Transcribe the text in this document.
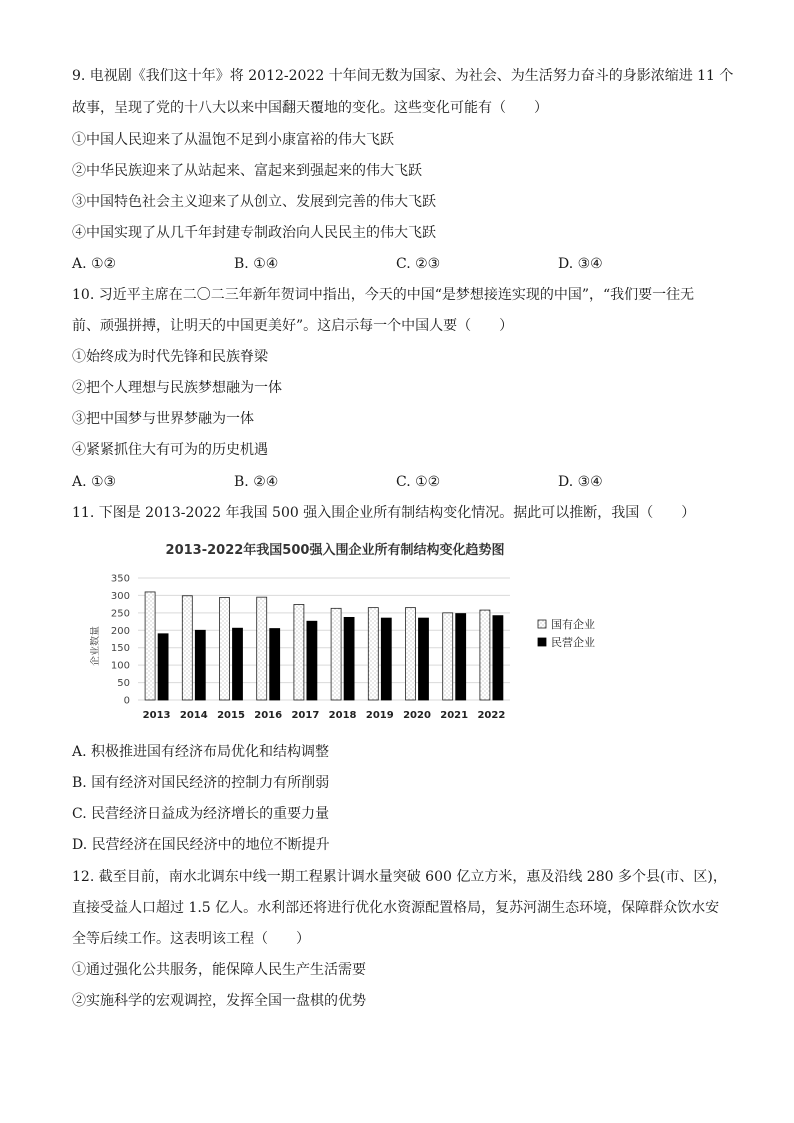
9. 电视剧《我们这十年》将 2012-2022 十年间无数为国家、为社会、为生活努力奋斗的身影浓缩进 11 个
故事，呈现了党的十八大以来中国翻天覆地的变化。这些变化可能有（　　）
①中国人民迎来了从温饱不足到小康富裕的伟大飞跃
②中华民族迎来了从站起来、富起来到强起来的伟大飞跃
③中国特色社会主义迎来了从创立、发展到完善的伟大飞跃
④中国实现了从几千年封建专制政治向人民民主的伟大飞跃
A. ①②	B. ①④	C. ②③	D. ③④
10. 习近平主席在二〇二三年新年贺词中指出，今天的中国“是梦想接连实现的中国”，“我们要一往无
前、顽强拼搏，让明天的中国更美好”。这启示每一个中国人要（　　）
①始终成为时代先锋和民族脊梁
②把个人理想与民族梦想融为一体
③把中国梦与世界梦融为一体
④紧紧抓住大有可为的历史机遇
A. ①③	B. ②④	C. ①②	D. ③④
11. 下图是 2013-2022 年我国 500 强入围企业所有制结构变化情况。据此可以推断，我国（　　）
2013-2022年我国500强入围企业所有制结构变化趋势图
企业数量
0
50
100
150
200
250
300
350
2013 2014 2015 2016 2017 2018 2019 2020 2021 2022
国有企业
民营企业
A. 积极推进国有经济布局优化和结构调整
B. 国有经济对国民经济的控制力有所削弱
C. 民营经济日益成为经济增长的重要力量
D. 民营经济在国民经济中的地位不断提升
12. 截至目前，南水北调东中线一期工程累计调水量突破 600 亿立方米，惠及沿线 280 多个县(市、区)，
直接受益人口超过 1.5 亿人。水利部还将进行优化水资源配置格局，复苏河湖生态环境，保障群众饮水安
全等后续工作。这表明该工程（　　）
①通过强化公共服务，能保障人民生产生活需要
②实施科学的宏观调控，发挥全国一盘棋的优势
